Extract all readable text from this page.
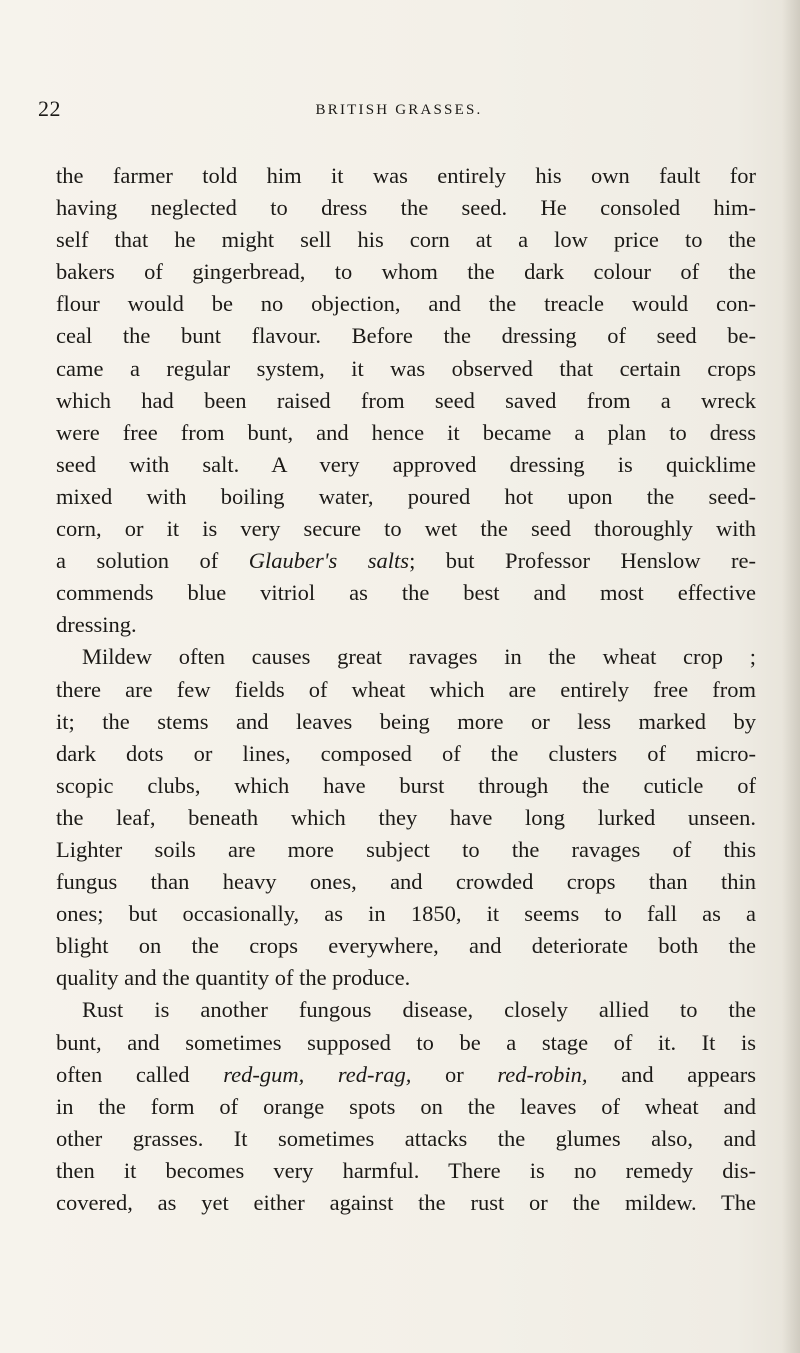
22	BRITISH GRASSES.
the farmer told him it was entirely his own fault for
having neglected to dress the seed. He consoled him-
self that he might sell his corn at a low price to the
bakers of gingerbread, to whom the dark colour of the
flour would be no objection, and the treacle would con-
ceal the bunt flavour. Before the dressing of seed be-
came a regular system, it was observed that certain crops
which had been raised from seed saved from a wreck
were free from bunt, and hence it became a plan to dress
seed with salt. A very approved dressing is quicklime
mixed with boiling water, poured hot upon the seed-
corn, or it is very secure to wet the seed thoroughly with
a solution of Glauber's salts; but Professor Henslow re-
commends blue vitriol as the best and most effective
dressing.
Mildew often causes great ravages in the wheat crop ;
there are few fields of wheat which are entirely free from
it; the stems and leaves being more or less marked by
dark dots or lines, composed of the clusters of micro-
scopic clubs, which have burst through the cuticle of
the leaf, beneath which they have long lurked unseen.
Lighter soils are more subject to the ravages of this
fungus than heavy ones, and crowded crops than thin
ones; but occasionally, as in 1850, it seems to fall as a
blight on the crops everywhere, and deteriorate both the
quality and the quantity of the produce.
Rust is another fungous disease, closely allied to the
bunt, and sometimes supposed to be a stage of it. It is
often called red-gum, red-rag, or red-robin, and appears
in the form of orange spots on the leaves of wheat and
other grasses. It sometimes attacks the glumes also, and
then it becomes very harmful. There is no remedy dis-
covered, as yet either against the rust or the mildew. The
